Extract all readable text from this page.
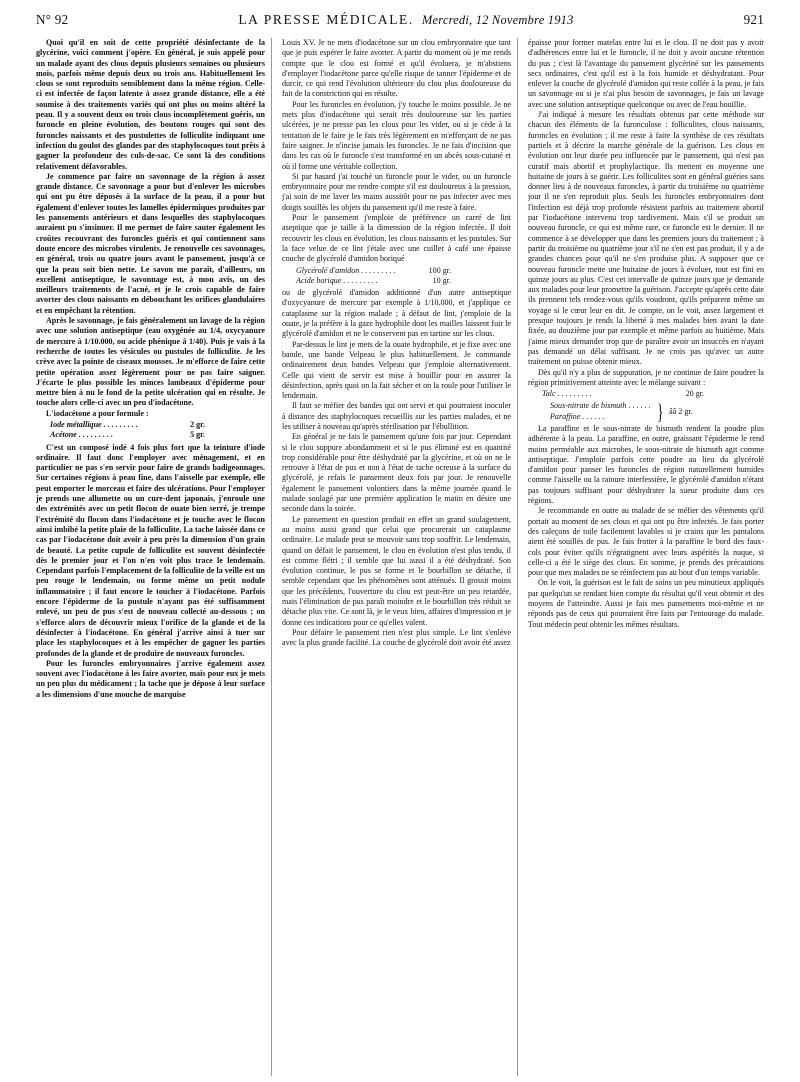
N° 92	LA PRESSE MÉDICALE. Mercredi, 12 Novembre 1913	921

Quoi qu'il en soit de cette propriété désinfectante de la glycérine, voici comment j'opère. En général, je suis appelé pour un malade ayant des clous depuis plusieurs semaines ou plusieurs mois, parfois même depuis deux ou trois ans. Habituellement les clous se sont reproduits sensiblement dans la même région. Celle-ci est infectée de façon latente à assez grande distance, elle a été soumise à des traitements variés qui ont plus ou moins altéré la peau. Il y a souvent deux ou trois clous incomplètement guéris, un furoncle en pleine évolution, des boutons rouges qui sont des furoncles naissants et des pustulettes de folliculite indiquant une infection du goulot des glandes par des staphylocoques tout prêts à gagner la profondeur des culs-de-sac. Ce sont là des conditions relativement défavorables.

Je commence par faire un savonnage de la région à assez grande distance. Ce savonnage a pour but d'enlever les microbes qui ont pu être déposés à la surface de la peau, il a pour but également d'enlever toutes les lamelles épidermiques produites par les pansements antérieurs et dans lesquelles des staphylocoques auraient pu s'insinuer. Il me permet de faire sauter également les croûtes recouvrant des furoncles guéris et qui contiennent sans doute encore des microbes virulents. Je renouvelle ces savonnages, en général, trois ou quatre jours avant le pansement, jusqu'à ce que la peau soit bien nette. Le savon me paraît, d'ailleurs, un excellent antiseptique, le savonnage est, à mon avis, un des meilleurs traitements de l'acné, et je le crois capable de faire avorter des clous naissants en débouchant les orifices glandulaires et en empêchant la rétention.

Après le savonnage, je fais généralement un lavage de la région avec une solution antiseptique (eau oxygénée au 1/4, oxycyanure de mercure à 1/10.000, ou acide phénique à 1/40). Puis je vais à la recherche de toutes les vésicules ou pustules de folliculite. Je les crève avec la pointe de ciseaux mousses. Je m'efforce de faire cette petite opération assez légèrement pour ne pas faire saigner. J'écarte le plus possible les minces lambeaux d'épiderme pour mettre bien à nu le fond de la petite ulcération qui en résulte. Je touche alors celle-ci avec un peu d'iodacétone.

L'iodacétone a pour formule :

Iode métallique . . .	2 gr.
Acétone . . .	5 gr.

C'est un composé iodé 4 fois plus fort que la teinture d'iode ordinaire. Il faut donc l'employer avec ménagement, et en particulier ne pas s'en servir pour faire de grands badigeonnages. Sur certaines régions à peau fine, dans l'aisselle par exemple, elle peut emporter le morceau et faire des ulcérations. Pour l'employer je prends une allumette ou un cure-dent japonais, j'enroule une des extrémités avec un petit flocon de ouate bien serré, je trempe l'extrémité du flocon dans l'iodacétone et je touche avec le flocon ainsi imbibé la petite plaie de la folliculite. La tache laissée dans ce cas par l'iodacétone doit avoir à peu près la dimension d'un grain de beauté. La petite cupule de folliculite est souvent désinfectée dès le premier jour et l'on n'en voit plus trace le lendemain. Cependant parfois l'emplacement de la folliculite de la veille est un peu rouge le lendemain, ou forme même un petit nodule inflammatoire ; il faut encore le toucher à l'iodacétone. Parfois encore l'épiderme de la pustule n'ayant pas été suffisamment enlevé, un peu de pus s'est de nouveau collecté au-dessous ; on s'efforce alors de découvrir mieux l'orifice de la glande et de la désinfecter à l'iodacétone. En général j'arrive ainsi à tuer sur place les staphylocoques et à les empêcher de gagner les parties profondes de la glande et de produire de nouveaux furoncles.

Pour les furoncles embryonnaires j'arrive également assez souvent avec l'iodacétone à les faire avorter, mais pour eux je mets un peu plus du médicament ; la tache que je dépose à leur surface a les dimensions d'une mouche de marquise

Louis XV. Je ne mets d'iodacétone sur un clou embryonnaire que tant que je puis espérer le faire avorter. A partir du moment où je me rends compte que le clou est formé et qu'il évoluera, je m'abstiens d'employer l'iodacétone parce qu'elle risque de tanner l'épiderme et de durcir, ce qui rend l'évolution ultérieure du clou plus douloureuse du fait de la constriction qui en résulte.

Pour les furoncles en évolution, j'y touche le moins possible. Je ne mets plus d'iodacétone qui serait très douloureuse sur les parties ulcérées, je ne presse pas les clous pour les vider, ou si je cède à la tentation de le faire je le fais très légèrement en m'efforçant de ne pas faire saigner. Je n'incise jamais les furoncles. Je ne fais d'incision que dans les cas où le furoncle s'est transformé en un abcès sous-cutané et où il forme une véritable collection.

Si par hasard j'ai touché un furoncle pour le vider, ou un furoncle embryonnaire pour me rendre compte s'il est douloureux à la pression, j'ai soin de me laver les mains aussitôt pour ne pas infecter avec mes doigts souillés les objets du pansement qu'il me reste à faire.

Pour le pansement j'emploie de préférence un carré de lint aseptique que je taille à la dimension de la région infectée. Il doit recouvrir les clous en évolution, les clous naissants et les pustules. Sur la face velue de ce lint j'étale avec une cuiller à café une épaisse couche de glycérolé d'amidon boriqué

Glycérolé d'amidon . . .	100 gr.
Acide borique . . .	10 gr.

ou de glycérolé d'amidon additionné d'un autre antiseptique d'oxycyanure de mercure par exemple à 1/10.000, et j'applique ce cataplasme sur la région malade ; à défaut de lint, j'emploie de la ouate, je la préfère à la gaze hydrophile dont les mailles laissent fuir le glycérolé d'amidon et ne le conservent pas en tartine sur les clous.

Par-dessus le lint je mets de la ouate hydrophile, et je fixe avec une bande, une bande Velpeau le plus habituellement. Je commande ordinairement deux bandes Velpeau que j'emploie alternativement. Celle qui vient de servir est mise à bouillir pour en assurer la désinfection, après quoi on la fait sécher et on la roule pour l'utiliser le lendemain.

Il faut se méfier des bandes qui ont servi et qui pourraient inoculer à distance des staphylocoques recueillis sur les parties malades, et ne les utiliser à nouveau qu'après stérilisation par l'ébullition.

En général je ne fais le pansement qu'une fois par jour. Cependant si le clou suppure abondamment et si le pus éliminé est en quantité trop considérable pour être déshydraté par la glycérine, et où on ne le retrouve à l'état de pus et non à l'état de tache ocreuse à la surface du glycérolé, je refais le pansement deux fois par jour. Je renouvelle également le pansement volontiers dans la même journée quand le malade soulagé par une première application le matin en désire une seconde dans la soirée.

Le pansement en question produit en effet un grand soulagement, au moins aussi grand que celui que procurerait un cataplasme ordinaire. Le malade peut se mouvoir sans trop souffrir. Le lendemain, quand on défait le pansement, le clou en évolution n'est plus tendu, il est comme flétri ; il semble que lui aussi il a été déshydraté. Son évolution continue, le pus se forme et le bourbillon se détache, il semble cependant que les phénomènes sont atténués. Il grossit moins que les précédents, l'ouverture du clou est peut-être un peu retardée, mais l'élimination de pus paraît moindre et le bourbillon très réduit se détache plus vite. Ce sont là, je le veux bien, affaires d'impression et je donne ces indications pour ce qu'elles valent.

Pour défaire le pansement rien n'est plus simple. Le lint s'enlève avec la plus grande facilité. La couche de glycérolé doit avoir été assez

épaisse pour former matelas entre lui et le clou. Il ne doit pas y avoir d'adhérences entre lui et le furoncle, il ne doit y avoir aucune rétention du pus ; c'est là l'avantage du pansement glycériné sur les pansements secs ordinaires, c'est qu'il est à la fois humide et déshydratant. Pour enlever la couche de glycérolé d'amidon qui reste collée à la peau, je fais un savonnage ou si je n'ai plus besoin de savonnages, je fais un lavage avec une solution antiseptique quelconque ou avec de l'eau bouillie.

J'ai indiqué à mesure les résultats obtenus par cette méthode sur chacun des éléments de la furonculose : folliculites, clous naissants, furoncles en évolution ; il me reste à faire la synthèse de ces résultats partiels et à décrire la marche générale de la guérison. Les clous en évolution ont leur durée peu influencée par le pansement, qui n'est pas curatif mais abortif et prophylactique. Ils mettent en moyenne une huitaine de jours à se guérir. Les folliculites sont en général guéries sans donner lieu à de nouveaux furoncles, à partir du troisième ou quatrième jour il ne s'en reproduit plus. Seuls les furoncles embryonnaires dont l'infection est déjà trop profonde résistent parfois au traitement abortif par l'iodacétone intervenu trop tardivement. Mais s'il se produit un nouveau furoncle, ce qui est même rare, ce furoncle est le dernier. Il ne commence à se développer que dans les premiers jours du traitement ; à partir du troisième ou quatrième jour s'il ne s'en est pas produit, il y a de grandes chances pour qu'il ne s'en produise plus. A supposer que ce nouveau furoncle mette une huitaine de jours à évoluer, tout est fini en quinze jours au plus. C'est cet intervalle de quinze jours que je demande aux malades pour leur promettre la guérison. J'accepte qu'après cette date ils prennent tels rendez-vous qu'ils voudront, qu'ils préparent même un voyage si le cœur leur en dit. Je compte, on le voit, assez largement et presque toujours je rends la liberté à mes malades bien avant la date fixée, au douzième jour par exemple et même parfois au huitième. Mais j'aime mieux demander trop que de paraître avoir un insuccès en n'ayant pas demandé un délai suffisant. Je ne crois pas qu'avec un autre traitement on puisse obtenir mieux.

Dès qu'il n'y a plus de suppuration, je ne continue de faire poudrer la région primitivement atteinte avec le mélange suivant :

Talc . . .	20 gr.
Sous-nitrate de bismuth . . .
Paraffine . . .	} ââ 2 gr.

La paraffine et le sous-nitrate de bismuth rendent la poudre plus adhérente à la peau. La paraffine, en outre, graissant l'épiderme le rend moins perméable aux microbes, le sous-nitrate de bismuth agit comme antiseptique. J'emploie parfois cette poudre au lieu du glycérolé d'amidon pour panser les furoncles de région naturellement humides comme l'aisselle ou la rainure interfessière, le glycérolé d'amidon n'étant pas toujours suffisant pour déshydrater la sueur produite dans ces régions.

Je recommande en outre au malade de se méfier des vêtements qu'il portait au moment de ses clous et qui ont pu être infectés. Je fais porter des caleçons de toile facilement lavables si je crains que les pantalons aient été souillés de pus. Je fais frotter à la paraffine le bord des faux-cols pour éviter qu'ils n'égratignent avec leurs aspérités la nuque, si celle-ci a été le siège des clous. En somme, je prends des précautions pour que mes malades ne se réinfectent pas au bout d'un temps variable.

On le voit, la guérison est le fait de soins un peu minutieux appliqués par quelqu'un se rendant bien compte du résultat qu'il veut obtenir et des moyens de l'atteindre. Aussi je fais mes pansements moi-même et ne réponds pas de ceux qui pourraient être faits par l'entourage du malade. Tout médecin peut obtenir les mêmes résultats.
